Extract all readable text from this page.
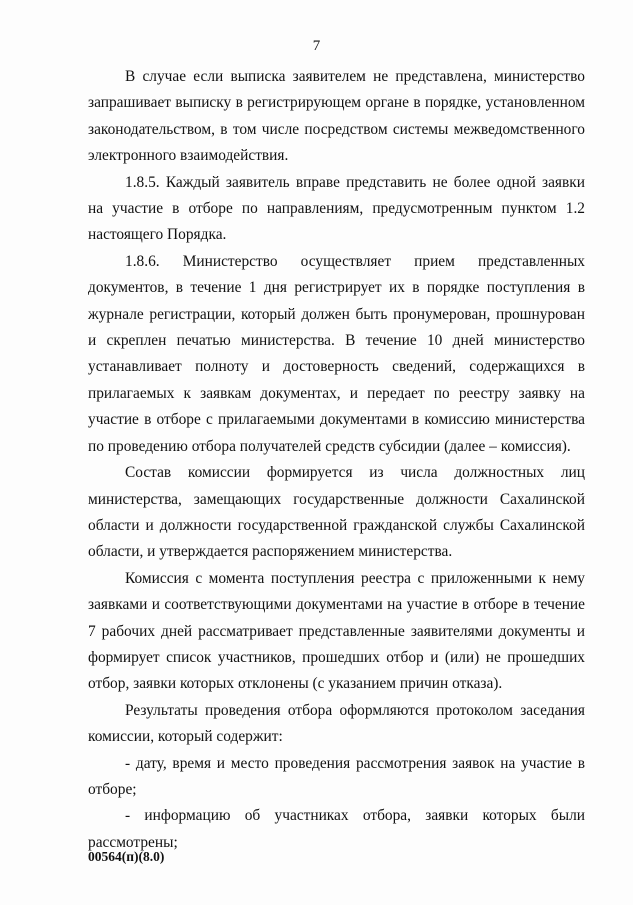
7

В случае если выписка заявителем не представлена, министерство запрашивает выписку в регистрирующем органе в порядке, установленном законодательством, в том числе посредством системы межведомственного электронного взаимодействия.

1.8.5. Каждый заявитель вправе представить не более одной заявки на участие в отборе по направлениям, предусмотренным пунктом 1.2 настоящего Порядка.

1.8.6. Министерство осуществляет прием представленных документов, в течение 1 дня регистрирует их в порядке поступления в журнале регистрации, который должен быть пронумерован, прошнурован и скреплен печатью министерства. В течение 10 дней министерство устанавливает полноту и достоверность сведений, содержащихся в прилагаемых к заявкам документах, и передает по реестру заявку на участие в отборе с прилагаемыми документами в комиссию министерства по проведению отбора получателей средств субсидии (далее – комиссия).

Состав комиссии формируется из числа должностных лиц министерства, замещающих государственные должности Сахалинской области и должности государственной гражданской службы Сахалинской области, и утверждается распоряжением министерства.

Комиссия с момента поступления реестра с приложенными к нему заявками и соответствующими документами на участие в отборе в течение 7 рабочих дней рассматривает представленные заявителями документы и формирует список участников, прошедших отбор и (или) не прошедших отбор, заявки которых отклонены (с указанием причин отказа).

Результаты проведения отбора оформляются протоколом заседания комиссии, который содержит:

- дату, время и место проведения рассмотрения заявок на участие в отборе;

- информацию об участниках отбора, заявки которых были рассмотрены;

00564(п)(8.0)
